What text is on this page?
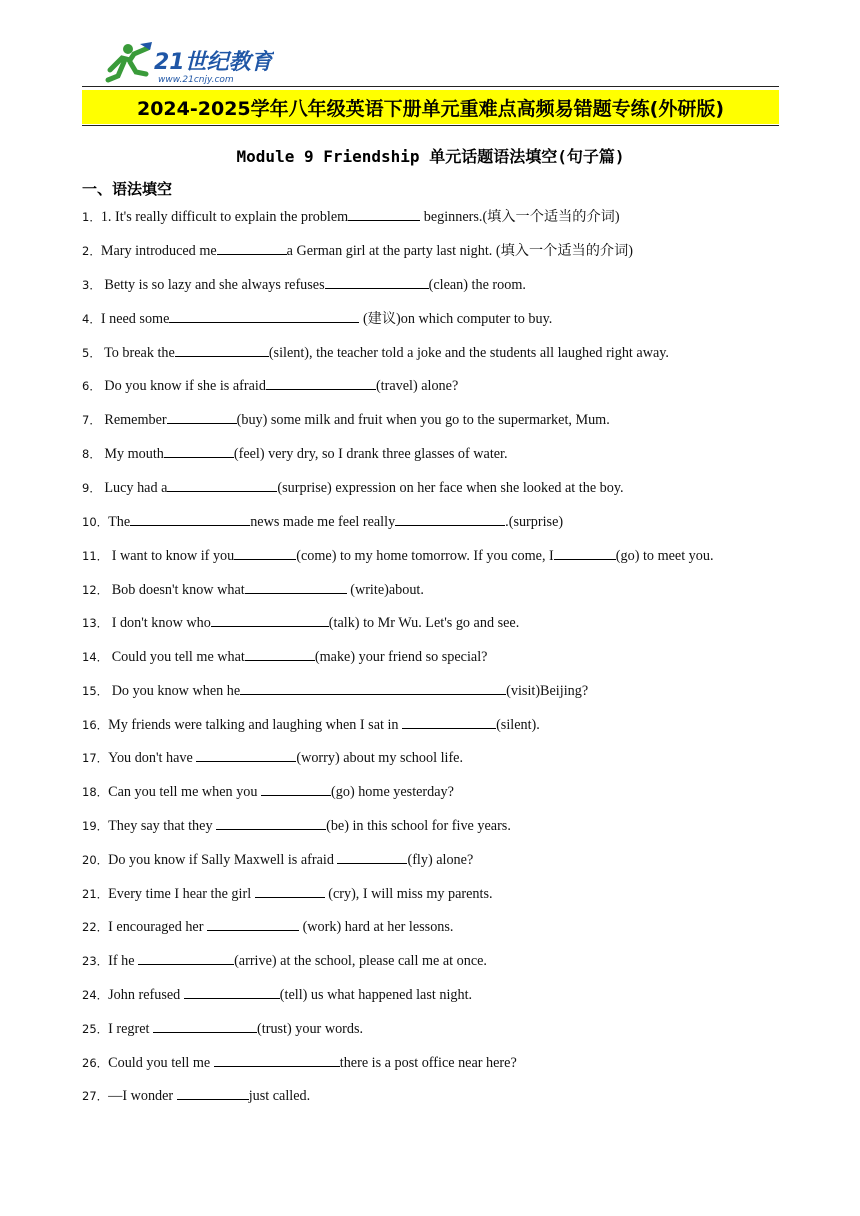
21世纪教育
www.21cnjy.com
2024-2025学年八年级英语下册单元重难点高频易错题专练(外研版)
Module 9 Friendship 单元话题语法填空(句子篇)
一、语法填空
1．1. It's really difficult to explain the problem	beginners.(填入一个适当的介词)
2．Mary introduced me	a German girl at the party last night. (填入一个适当的介词)
3． Betty is so lazy and she always refuses	(clean) the room.
4．I need some	(建议)on which computer to buy.
5． To break the	(silent), the teacher told a joke and the students all laughed right away.
6． Do you know if she is afraid	(travel) alone?
7． Remember	(buy) some milk and fruit when you go to the supermarket, Mum.
8． My mouth	(feel) very dry, so I drank three glasses of water.
9． Lucy had a	(surprise) expression on her face when she looked at the boy.
10．The	news made me feel really	.(surprise)
11． I want to know if you	(come) to my home tomorrow. If you come, I	(go) to meet you.
12． Bob doesn't know what	(write)about.
13． I don't know who	(talk) to Mr Wu. Let's go and see.
14． Could you tell me what	(make) your friend so special?
15． Do you know when he	(visit)Beijing?
16．My friends were talking and laughing when I sat in	(silent).
17．You don't have	(worry) about my school life.
18．Can you tell me when you	(go) home yesterday?
19．They say that they	(be) in this school for five years.
20．Do you know if Sally Maxwell is afraid	(fly) alone?
21．Every time I hear the girl	(cry), I will miss my parents.
22．I encouraged her	(work) hard at her lessons.
23．If he	(arrive) at the school, please call me at once.
24．John refused	(tell) us what happened last night.
25．I regret	(trust) your words.
26．Could you tell me	there is a post office near here?
27．—I wonder	just called.
